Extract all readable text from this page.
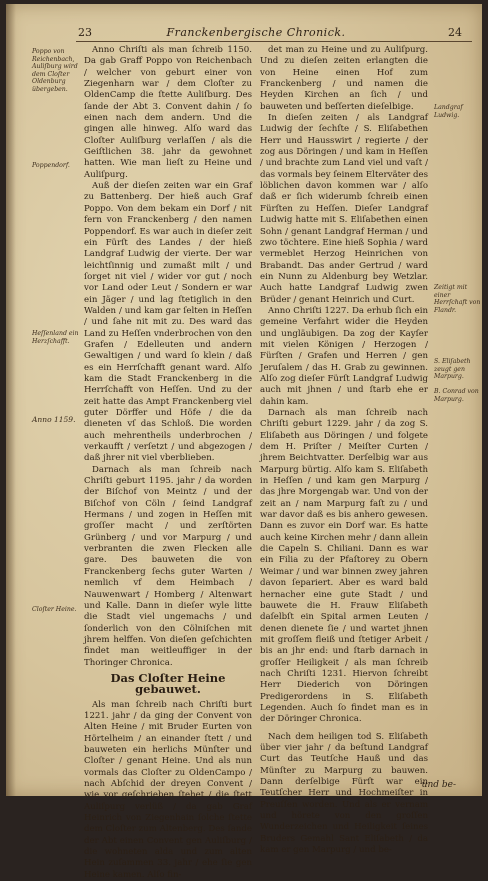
23	Franckenbergische Chronick.	24
Poppo von Reichenbach, Auliſburg wird dem Cloſter Oldenburg übergeben.
Poppendorf.
Heſſenland ein Herzſchafft.
Anno 1159.
Cloſter Heine.
Landgraf Ludwig.
Zeitigt mit einer Herrſchaft von Flandr.
S. Eliſabeth zeugt gen Marpurg.
B. Conrad von Marpurg.

Anno Chriſti als man ſchreib 1150. Da gab Graff Poppo von Reichenbach / welcher von geburt einer von Ziegenharn war / dem Cloſter zu OldenCamp die ſtette Auliſburg. Des ſande der Abt 3. Convent dahin / ſo einen nach dem andern. Und die gingen alle hinweg. Alſo ward das Cloſter Auliſburg verlaſſen / als die Geiſtlichen 38. jahr da gewohnet hatten. Wie man lieſt zu Heine und Auliſpurg.

Auß der dieſen zeiten war ein Graf zu Battenberg. Der hieß auch Graf Poppo. Von dem bekam ein Dorf / nit fern von Franckenberg / den namen Poppendorf. Es war auch in dieſer zeit ein Fürſt des Landes / der hieß Landgraf Ludwig der vierte. Der war leichtſinnig und zumaßt milt / und ſorget nit viel / wider vor gut / noch vor Land oder Leut / Sondern er war ein Jäger / und lag ſtetiglich in den Walden / und kam gar ſelten in Heſſen / und ſahe nit mit zu. Des ward das Land zu Heſſen vnderbrochen von den Grafen / Edelleuten und andern Gewaltigen / und ward ſo klein / daß es ein Herrſchafft genant ward. Alſo kam die Stadt Franckenberg in die Herrſchafft von Heſſen. Und zu der zeit hatte das Ampt Franckenberg viel guter Dörffer und Höfe / die da dieneten vſ das Schloß. Die worden auch mehrentheils underbrochen / verkaufft / verſetzt / und abgezogen / daß jhrer nit viel vberblieben.

Darnach als man ſchreib nach Chriſti geburt 1195. jahr / da worden der Biſchof von Meintz / und der Biſchof von Cöln / ſeind Landgraf Hermans / und zogen in Heſſen mit groſſer macht / und zerſtörten Grünberg / und vor Marpurg / und verbranten die zwen Flecken alle gare. Des bauweten die von Franckenberg ſechs guter Warten / nemlich vf dem Heimbach / Nauwenwart / Homberg / Altenwart und Kalle. Dann in dieſer wyle litte die Stadt viel ungemachs / und ſonderlich von den Cölniſchen mit jhrem helffen. Von dieſen geſchichten findet man weitleuffiger in der Thoringer Chronica.

Das Cloſter Heine gebauwet.

Als man ſchreib nach Chriſti burt 1221. jahr / da ging der Convent von Alten Heine / mit Bruder Eurten von Hörtelheim / an einander ſtett / und bauweten ein herlichs Münſter und Cloſter / genant Heine. Und als nun vormals das Cloſter zu OldenCampo / nach Abſchid der dreyen Convent / wie vor geſchrieben ſtehet / die ſtett Auliſpurg verlüß / da gab Graf Heinrich von Ziegenhain ſolche ſtette dem Cloſter zum Altenberg. Des ſande der Abt einen Convent gen Auliſburg / die wohneten alda und zum alten Hein zuſammen 33. jahr / ehe ſie gen Heine kamen. Alſo fin-

det man zu Heine und zu Auliſpurg. Und zu dieſen zeiten erlangten die von Heine einen Hof zum Franckenberg / und namen die Heyden Kirchen an ſich / und bauweten und beſſerten dieſelbige.

In dieſen zeiten / als Landgraf Ludwig der ſechſte / S. Eliſabethen Herr und Hausswirt / regierte / der zog aus Döringen / und kam in Heſſen / und brachte zum Land viel und vaſt / das vormals bey ſeinem Elterväter des löblichen davon kommen war / alſo daß er ſich widerumb ſchreib einen Fürſten zu Heſſen. Dieſer Landgraf Ludwig hatte mit S. Eliſabethen einen Sohn / genant Landgraf Herman / und zwo töchtere. Eine hieß Sophia / ward vermeblet Herzog Heinrichen von Brabandt. Das ander Gertrud / ward ein Nunn zu Aldenburg bey Wetzlar. Auch hatte Landgraf Ludwig zwen Brüder / genant Heinrich und Curt.

Anno Chriſti 1227. Da erhub ſich ein gemeine Verfahrt wider die Heyden und ungläubigen. Da zog der Kayſer mit vielen Königen / Herzogen / Fürſten / Grafen und Herren / gen Jeruſalem / das H. Grab zu gewinnen. Alſo zog dieſer Fürſt Landgraf Ludwig auch mit jhnen / und ſtarb ehe er dahin kam.

Darnach als man ſchreib nach Chriſti geburt 1229. jahr / da zog S. Eliſabeth aus Döringen / und folgete dem H. Priſter / Meiſter Curten / jhrem Beichtvatter. Derſelbig war aus Marpurg bürtig. Alſo kam S. Eliſabeth in Heſſen / und kam gen Marpurg / das jhre Morgengab war. Und von der zeit an / nam Marpurg faſt zu / und war davor daß es bis anhero gewesen. Dann es zuvor ein Dorf war. Es hatte auch keine Kirchen mehr / dann allein die Capeln S. Chiliani. Dann es war ein Filia zu der Pfaſtorey zu Obern Weimar / und war binnen zwey jahren davon ſepariert. Aber es ward bald hernacher eine gute Stadt / und bauwete die H. Frauw Eliſabeth daſelbſt ein Spital armen Leuten / denen dienete ſie / und wartet jhnen mit groſſem fleiß und ſtetiger Arbeit / bis an jhr end: und ſtarb darnach in groſſer Heiligkeit / als man ſchreib nach Chriſti 1231. Hiervon ſchreibt Herr Diederich von Döringen Predigerordens in S. Eliſabeth Legenden. Auch ſo findet man es in der Döringer Chronica.

Nach dem heiligen tod S. Eliſabeth über vier jahr / da beſtund Landgraf Curt das Teutſche Hauß und das Münſter zu Marpurg zu bauwen. Dann derſelbige Fürſt war ein Teutſcher Herr und Hochmeiſter in Preuſſen worden. Und als er vernam und hörete von den groſſen Wunderzeichen und Heiligkeit ſeines Bruders Gemahl Sant Eliſabeth / da kam er gen Marpurg / und be-

und be-
